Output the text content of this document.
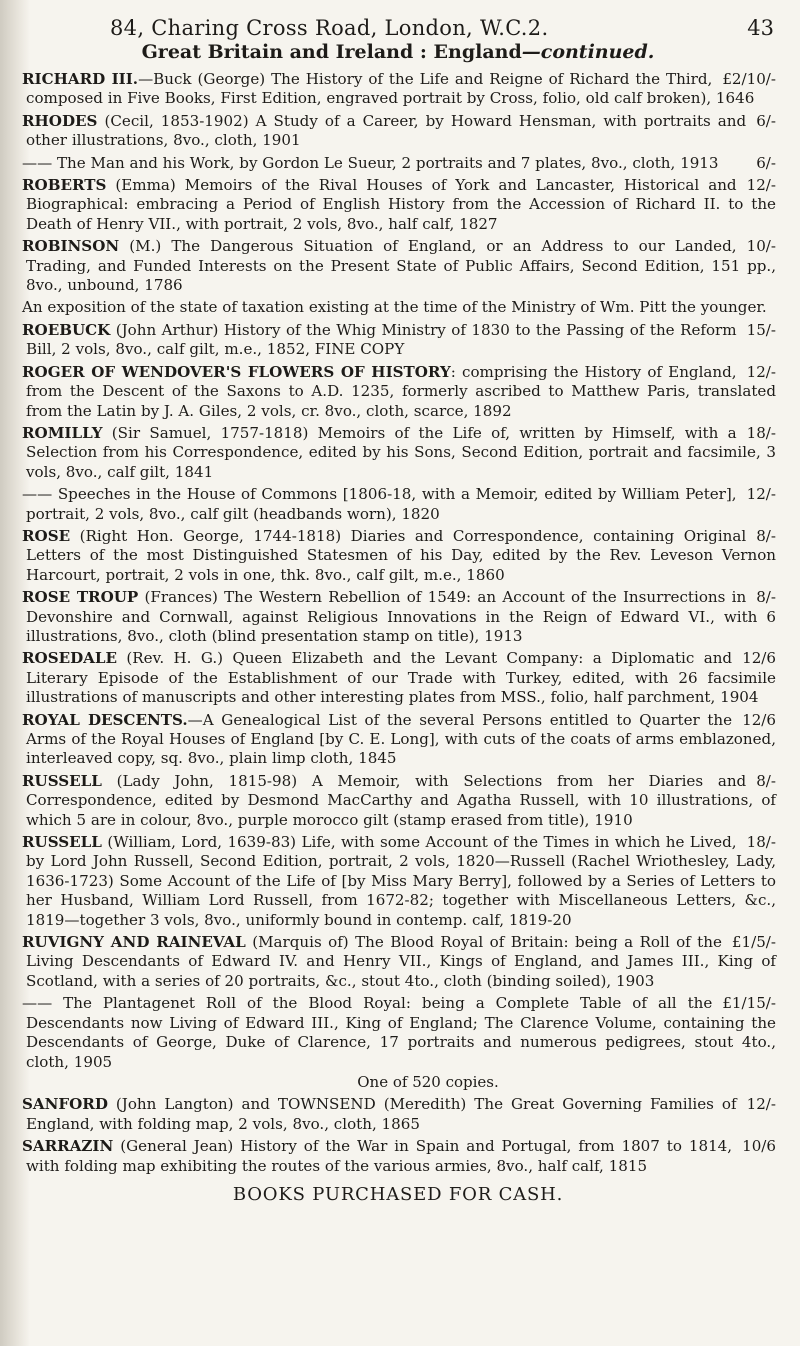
84, Charing Cross Road, London, W.C.2.	43
Great Britain and Ireland : England—continued.

£2/10/-
RICHARD III.—Buck (George) The History of the Life and Reigne of Richard the Third, composed in Five Books, First Edition, engraved portrait by Cross, folio, old calf broken), 1646

6/-
RHODES (Cecil, 1853-1902) A Study of a Career, by Howard Hensman, with portraits and other illustrations, 8vo., cloth, 1901

6/-
—— The Man and his Work, by Gordon Le Sueur, 2 portraits and 7 plates, 8vo., cloth, 1913

12/-
ROBERTS (Emma) Memoirs of the Rival Houses of York and Lancaster, Historical and Biographical: embracing a Period of English History from the Accession of Richard II. to the Death of Henry VII., with portrait, 2 vols, 8vo., half calf, 1827

10/-
ROBINSON (M.) The Dangerous Situation of England, or an Address to our Landed, Trading, and Funded Interests on the Present State of Public Affairs, Second Edition, 151 pp., 8vo., unbound, 1786

An exposition of the state of taxation existing at the time of the Ministry of Wm. Pitt the younger.

15/-
ROEBUCK (John Arthur) History of the Whig Ministry of 1830 to the Passing of the Reform Bill, 2 vols, 8vo., calf gilt, m.e., 1852, FINE COPY

12/-
ROGER OF WENDOVER'S FLOWERS OF HISTORY: comprising the History of England, from the Descent of the Saxons to A.D. 1235, formerly ascribed to Matthew Paris, translated from the Latin by J. A. Giles, 2 vols, cr. 8vo., cloth, scarce, 1892

18/-
ROMILLY (Sir Samuel, 1757-1818) Memoirs of the Life of, written by Himself, with a Selection from his Correspondence, edited by his Sons, Second Edition, portrait and facsimile, 3 vols, 8vo., calf gilt, 1841

12/-
—— Speeches in the House of Commons [1806-18, with a Memoir, edited by William Peter], portrait, 2 vols, 8vo., calf gilt (headbands worn), 1820

8/-
ROSE (Right Hon. George, 1744-1818) Diaries and Correspondence, containing Original Letters of the most Distinguished Statesmen of his Day, edited by the Rev. Leveson Vernon Harcourt, portrait, 2 vols in one, thk. 8vo., calf gilt, m.e., 1860

8/-
ROSE TROUP (Frances) The Western Rebellion of 1549: an Account of the Insurrections in Devonshire and Cornwall, against Religious Innovations in the Reign of Edward VI., with 6 illustrations, 8vo., cloth (blind presentation stamp on title), 1913

12/6
ROSEDALE (Rev. H. G.) Queen Elizabeth and the Levant Company: a Diplomatic and Literary Episode of the Establishment of our Trade with Turkey, edited, with 26 facsimile illustrations of manuscripts and other interesting plates from MSS., folio, half parchment, 1904

12/6
ROYAL DESCENTS.—A Genealogical List of the several Persons entitled to Quarter the Arms of the Royal Houses of England [by C. E. Long], with cuts of the coats of arms emblazoned, interleaved copy, sq. 8vo., plain limp cloth, 1845

8/-
RUSSELL (Lady John, 1815-98) A Memoir, with Selections from her Diaries and Correspondence, edited by Desmond MacCarthy and Agatha Russell, with 10 illustrations, of which 5 are in colour, 8vo., purple morocco gilt (stamp erased from title), 1910

18/-
RUSSELL (William, Lord, 1639-83) Life, with some Account of the Times in which he Lived, by Lord John Russell, Second Edition, portrait, 2 vols, 1820—Russell (Rachel Wriothesley, Lady, 1636-1723) Some Account of the Life of [by Miss Mary Berry], followed by a Series of Letters to her Husband, William Lord Russell, from 1672-82; together with Miscellaneous Letters, &c., 1819—together 3 vols, 8vo., uniformly bound in contemp. calf, 1819-20

£1/5/-
RUVIGNY AND RAINEVAL (Marquis of) The Blood Royal of Britain: being a Roll of the Living Descendants of Edward IV. and Henry VII., Kings of England, and James III., King of Scotland, with a series of 20 portraits, &c., stout 4to., cloth (binding soiled), 1903

£1/15/-
—— The Plantagenet Roll of the Blood Royal: being a Complete Table of all the Descendants now Living of Edward III., King of England; The Clarence Volume, containing the Descendants of George, Duke of Clarence, 17 portraits and numerous pedigrees, stout 4to., cloth, 1905

One of 520 copies.

12/-
SANFORD (John Langton) and TOWNSEND (Meredith) The Great Governing Families of England, with folding map, 2 vols, 8vo., cloth, 1865

10/6
SARRAZIN (General Jean) History of the War in Spain and Portugal, from 1807 to 1814, with folding map exhibiting the routes of the various armies, 8vo., half calf, 1815

BOOKS PURCHASED FOR CASH.
